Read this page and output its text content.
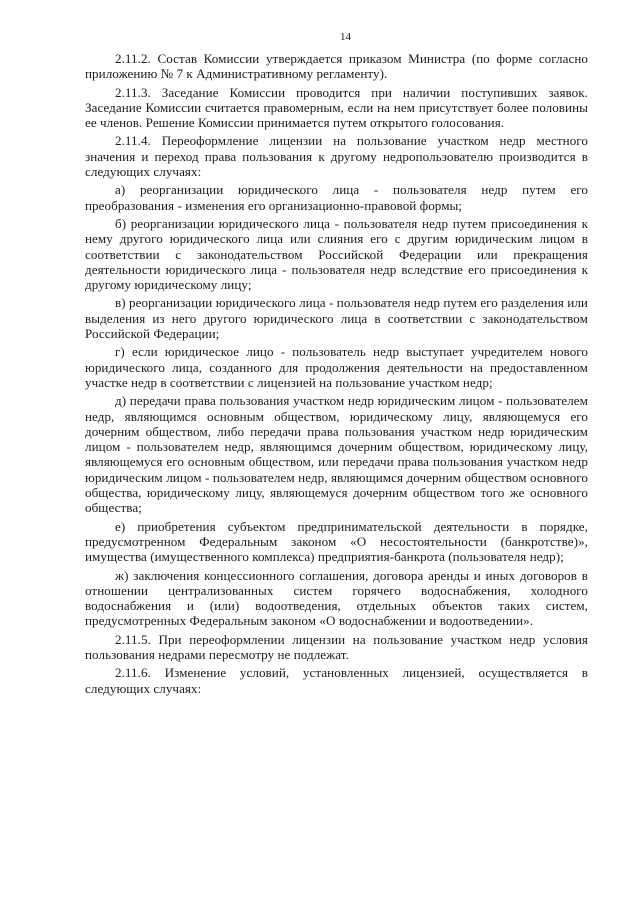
14

2.11.2. Состав Комиссии утверждается приказом Министра (по форме согласно приложению № 7 к Административному регламенту).

2.11.3. Заседание Комиссии проводится при наличии поступивших заявок. Заседание Комиссии считается правомерным, если на нем присутствует более половины ее членов. Решение Комиссии принимается путем открытого голосования.

2.11.4. Переоформление лицензии на пользование участком недр местного значения и переход права пользования к другому недропользователю производится в следующих случаях:

а) реорганизации юридического лица - пользователя недр путем его преобразования - изменения его организационно-правовой формы;

б) реорганизации юридического лица - пользователя недр путем присоединения к нему другого юридического лица или слияния его с другим юридическим лицом в соответствии с законодательством Российской Федерации или прекращения деятельности юридического лица - пользователя недр вследствие его присоединения к другому юридическому лицу;

в) реорганизации юридического лица - пользователя недр путем его разделения или выделения из него другого юридического лица в соответствии с законодательством Российской Федерации;

г) если юридическое лицо - пользователь недр выступает учредителем нового юридического лица, созданного для продолжения деятельности на предоставленном участке недр в соответствии с лицензией на пользование участком недр;

д) передачи права пользования участком недр юридическим лицом - пользователем недр, являющимся основным обществом, юридическому лицу, являющемуся его дочерним обществом, либо передачи права пользования участком недр юридическим лицом - пользователем недр, являющимся дочерним обществом, юридическому лицу, являющемуся его основным обществом, или передачи права пользования участком недр юридическим лицом - пользователем недр, являющимся дочерним обществом основного общества, юридическому лицу, являющемуся дочерним обществом того же основного общества;

е) приобретения субъектом предпринимательской деятельности в порядке, предусмотренном Федеральным законом «О несостоятельности (банкротстве)», имущества (имущественного комплекса) предприятия-банкрота (пользователя недр);

ж) заключения концессионного соглашения, договора аренды и иных договоров в отношении централизованных систем горячего водоснабжения, холодного водоснабжения и (или) водоотведения, отдельных объектов таких систем, предусмотренных Федеральным законом «О водоснабжении и водоотведении».

2.11.5. При переоформлении лицензии на пользование участком недр условия пользования недрами пересмотру не подлежат.

2.11.6. Изменение условий, установленных лицензией, осуществляется в следующих случаях:
